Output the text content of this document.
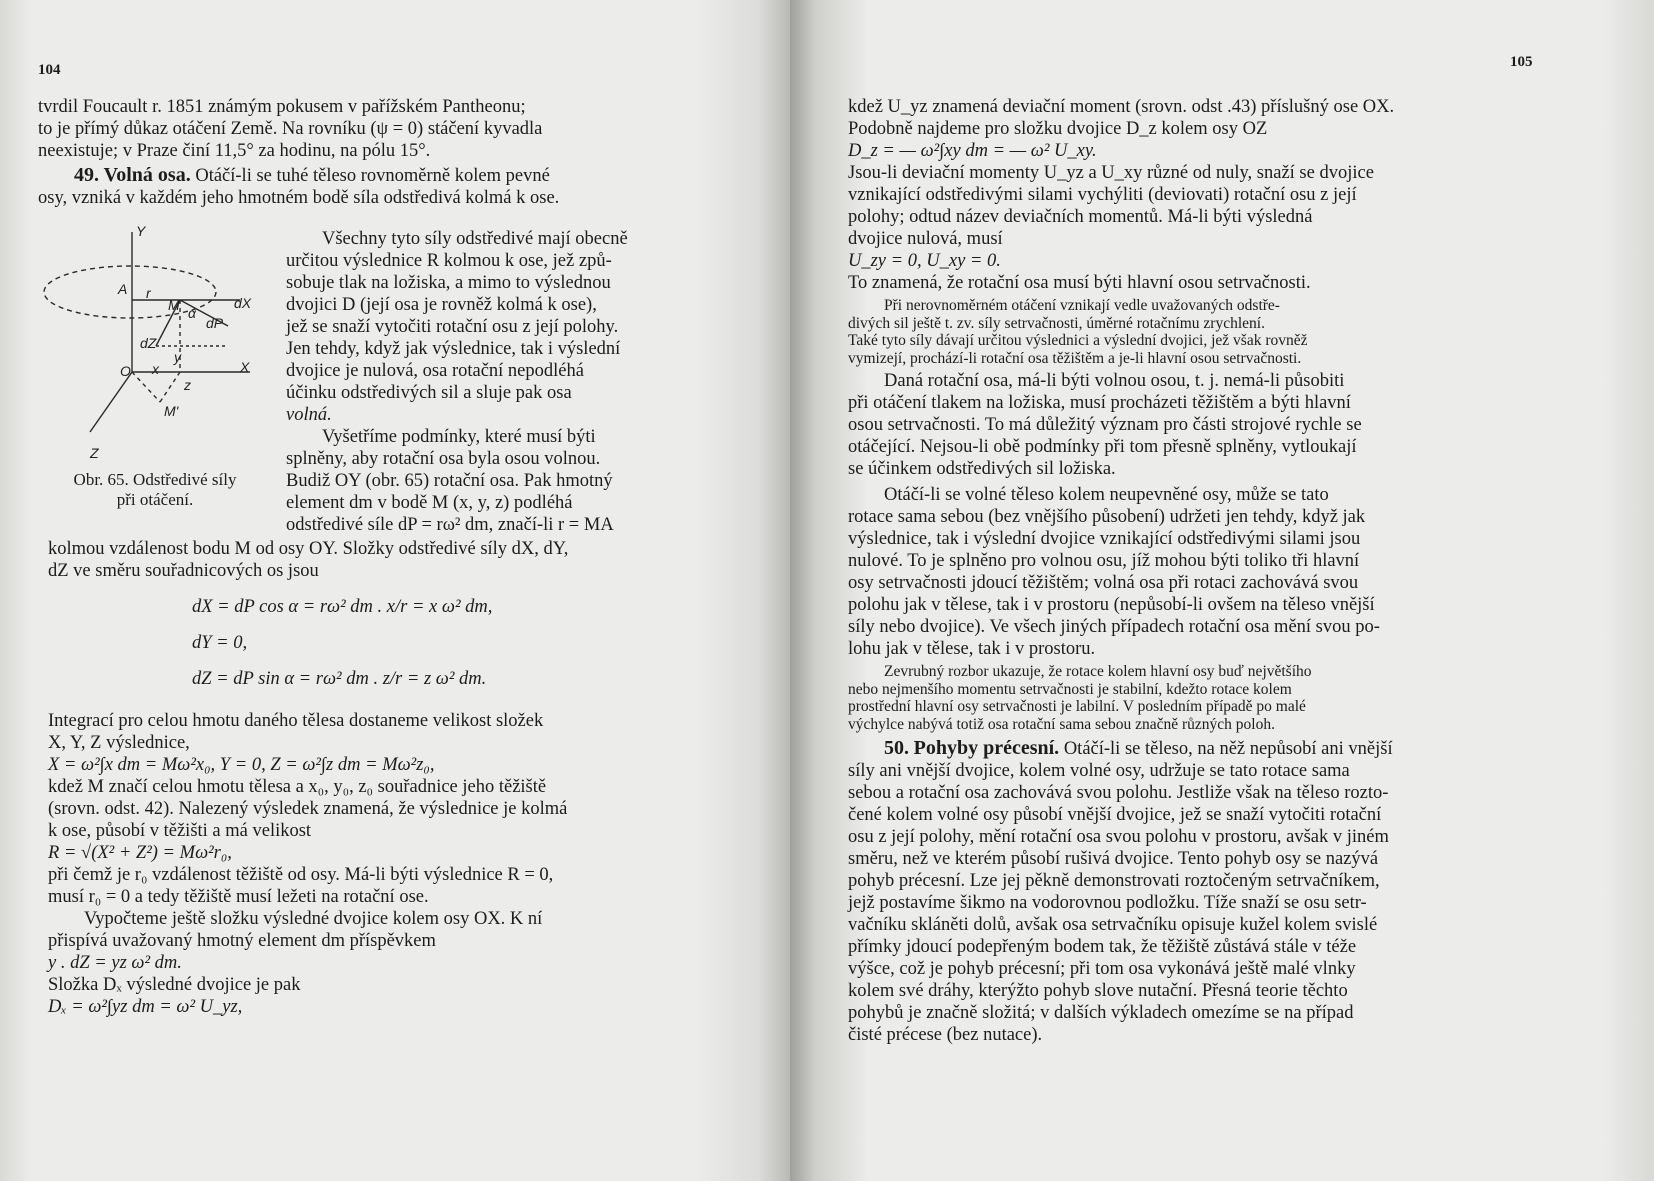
104

tvrdil Foucault r. 1851 známým pokusem v pařížském Pantheonu;

to je přímý důkaz otáčení Země. Na rovníku (ψ = 0) stáčení kyvadla

neexistuje; v Praze činí 11,5° za hodinu, na pólu 15°.

49. Volná osa. Otáčí-li se tuhé těleso rovnoměrně kolem pevné

osy, vzniká v každém jeho hmotném bodě síla odstředivá kolmá k ose.

Y
A r
M	dX
dP
α
dZ
y
O x	X
z
M'
Z
Obr. 65. Odstředivé síly
při otáčení.

Všechny tyto síly odstředivé mají obecně

určitou výslednice R kolmou k ose, jež způ-

sobuje tlak na ložiska, a mimo to výslednou

dvojici D (její osa je rovněž kolmá k ose),

jež se snaží vytočiti rotační osu z její polohy.

Jen tehdy, když jak výslednice, tak i výslední

dvojice je nulová, osa rotační nepodléhá

účinku odstředivých sil a sluje pak osa

volná.

Vyšetříme podmínky, které musí býti

splněny, aby rotační osa byla osou volnou.

Budiž OY (obr. 65) rotační osa. Pak hmotný

element dm v bodě M (x, y, z) podléhá

odstředivé síle dP = rω² dm, značí-li r = MA

kolmou vzdálenost bodu M od osy OY. Složky odstředivé síly dX, dY,

dZ ve směru souřadnicových os jsou

dX = dP cos α = rω² dm . x/r = x ω² dm,
dY = 0,
dZ = dP sin α = rω² dm . z/r = z ω² dm.

Integrací pro celou hmotu daného tělesa dostaneme velikost složek

X, Y, Z výslednice,

X = ω²∫x dm = Mω²x₀, Y = 0, Z = ω²∫z dm = Mω²z₀,

kdež M značí celou hmotu tělesa a x₀, y₀, z₀ souřadnice jeho těžiště

(srovn. odst. 42). Nalezený výsledek znamená, že výslednice je kolmá

k ose, působí v těžišti a má velikost

R = √(X² + Z²) = Mω²r₀,

při čemž je r₀ vzdálenost těžiště od osy. Má-li býti výslednice R = 0,

musí r₀ = 0 a tedy těžiště musí ležeti na rotační ose.

Vypočteme ještě složku výsledné dvojice kolem osy OX. K ní

přispívá uvažovaný hmotný element dm příspěvkem

y . dZ = yz ω² dm.

Složka Dₓ výsledné dvojice je pak

Dₓ = ω²∫yz dm = ω² U_yz,

105

kdež U_yz znamená deviační moment (srovn. odst .43) příslušný ose OX.

Podobně najdeme pro složku dvojice D_z kolem osy OZ

D_z = — ω²∫xy dm = — ω² U_xy.

Jsou-li deviační momenty U_yz a U_xy různé od nuly, snaží se dvojice

vznikající odstředivými silami vychýliti (deviovati) rotační osu z její

polohy; odtud název deviačních momentů. Má-li býti výsledná

dvojice nulová, musí

U_zy = 0, U_xy = 0.

To znamená, že rotační osa musí býti hlavní osou setrvačnosti.

Při nerovnoměrném otáčení vznikají vedle uvažovaných odstře-

divých sil ještě t. zv. síly setrvačnosti, úměrné rotačnímu zrychlení.

Také tyto síly dávají určitou výslednici a výslední dvojici, jež však rovněž

vymizejí, prochází-li rotační osa těžištěm a je-li hlavní osou setrvačnosti.

Daná rotační osa, má-li býti volnou osou, t. j. nemá-li působiti

při otáčení tlakem na ložiska, musí procházeti těžištěm a býti hlavní

osou setrvačnosti. To má důležitý význam pro části strojové rychle se

otáčející. Nejsou-li obě podmínky při tom přesně splněny, vytloukají

se účinkem odstředivých sil ložiska.

Otáčí-li se volné těleso kolem neupevněné osy, může se tato

rotace sama sebou (bez vnějšího působení) udržeti jen tehdy, když jak

výslednice, tak i výslední dvojice vznikající odstředivými silami jsou

nulové. To je splněno pro volnou osu, jíž mohou býti toliko tři hlavní

osy setrvačnosti jdoucí těžištěm; volná osa při rotaci zachovává svou

polohu jak v tělese, tak i v prostoru (nepůsobí-li ovšem na těleso vnější

síly nebo dvojice). Ve všech jiných případech rotační osa mění svou po-

lohu jak v tělese, tak i v prostoru.

Zevrubný rozbor ukazuje, že rotace kolem hlavní osy buď největšího

nebo nejmenšího momentu setrvačnosti je stabilní, kdežto rotace kolem

prostřední hlavní osy setrvačnosti je labilní. V posledním případě po malé

výchylce nabývá totiž osa rotační sama sebou značně různých poloh.

50. Pohyby précesní. Otáčí-li se těleso, na něž nepůsobí ani vnější

síly ani vnější dvojice, kolem volné osy, udržuje se tato rotace sama

sebou a rotační osa zachovává svou polohu. Jestliže však na těleso rozto-

čené kolem volné osy působí vnější dvojice, jež se snaží vytočiti rotační

osu z její polohy, mění rotační osa svou polohu v prostoru, avšak v jiném

směru, než ve kterém působí rušivá dvojice. Tento pohyb osy se nazývá

pohyb précesní. Lze jej pěkně demonstrovati roztočeným setrvačníkem,

jejž postavíme šikmo na vodorovnou podložku. Tíže snaží se osu setr-

vačníku skláněti dolů, avšak osa setrvačníku opisuje kužel kolem svislé

přímky jdoucí podepřeným bodem tak, že těžiště zůstává stále v téže

výšce, což je pohyb précesní; při tom osa vykonává ještě malé vlnky

kolem své dráhy, kterýžto pohyb slove nutační. Přesná teorie těchto

pohybů je značně složitá; v dalších výkladech omezíme se na případ

čisté précese (bez nutace).
